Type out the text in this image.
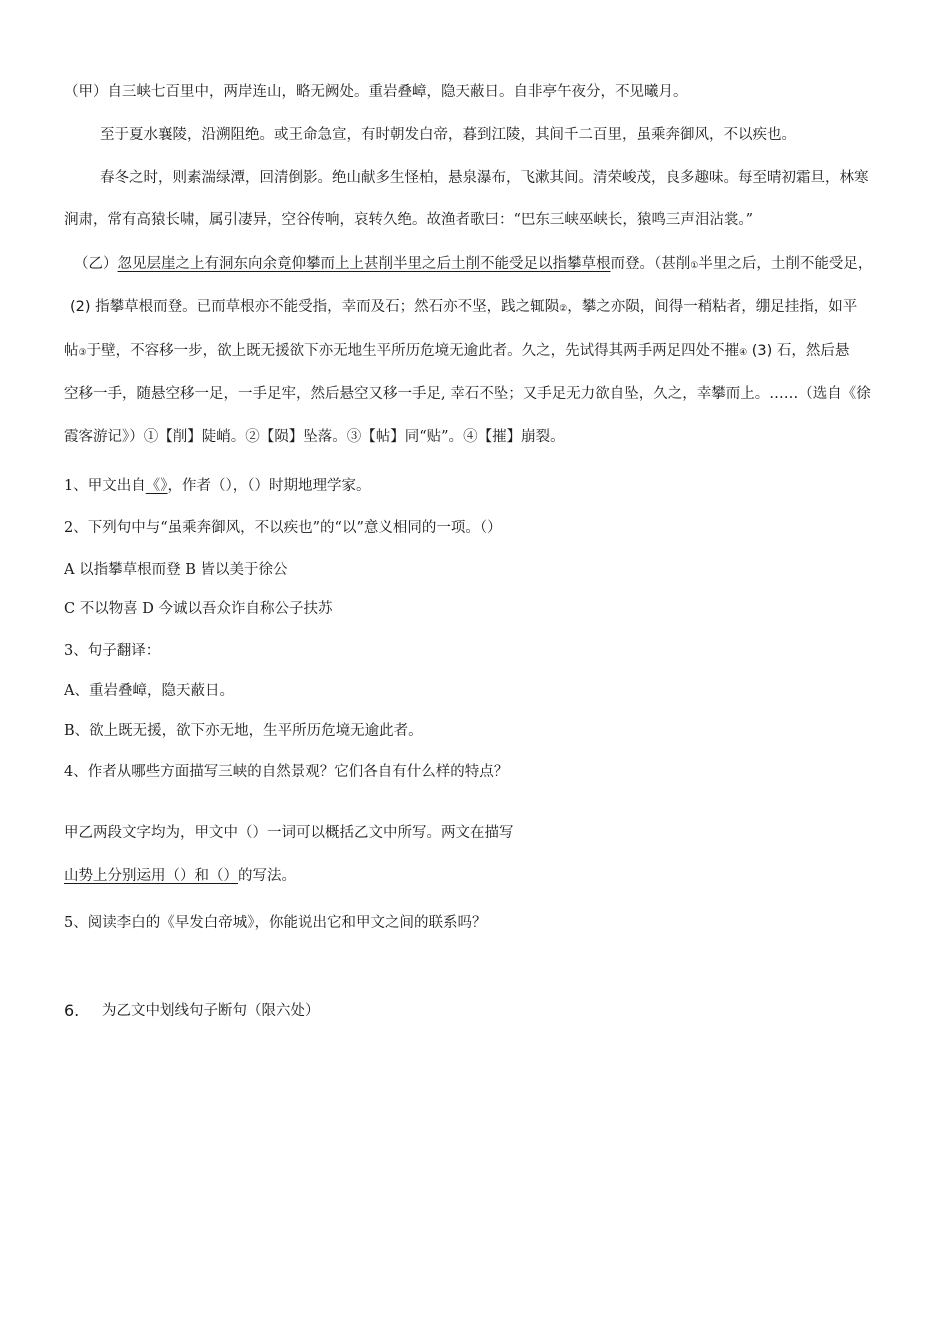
（甲）自三峡七百里中，两岸连山，略无阙处。重岩叠嶂，隐天蔽日。自非亭午夜分，不见曦月。
至于夏水襄陵，沿溯阻绝。或王命急宣，有时朝发白帝，暮到江陵，其间千二百里，虽乘奔御风，不以疾也。
春冬之时，则素湍绿潭，回清倒影。绝山献多生怪柏，悬泉瀑布，飞漱其间。清荣峻茂，良多趣味。每至晴初霜旦，林寒
涧肃，常有高猿长啸，属引凄异，空谷传响，哀转久绝。故渔者歌曰：“巴东三峡巫峡长，猿鸣三声泪沾裳。”
（乙）忽见层崖之上有洞东向余竟仰攀而上上甚削半里之后土削不能受足以指攀草根而登。（甚削①半里之后，土削不能受足，
(2) 指攀草根而登。已而草根亦不能受指，幸而及石；然石亦不坚，践之辄陨②，攀之亦陨，间得一稍粘者，绷足挂指，如平
帖③于壁，不容移一步，欲上既无援欲下亦无地生平所历危境无逾此者。久之，先试得其两手两足四处不摧④ (3) 石，然后悬
空移一手，随悬空移一足，一手足牢，然后悬空又移一手足, 幸石不坠；又手足无力欲自坠，久之，幸攀而上。……（选自《徐
霞客游记》）①【削】陡峭。②【陨】坠落。③【帖】同“贴”。④【摧】崩裂。
1、甲文出自《》，作者（），（）时期地理学家。
2、下列句中与“虽乘奔御风，不以疾也”的“以”意义相同的一项。（）
A 以指攀草根而登 B 皆以美于徐公
C 不以物喜 D 今诚以吾众诈自称公子扶苏
3、句子翻译：
A、重岩叠嶂，隐天蔽日。
B、欲上既无援，欲下亦无地，生平所历危境无逾此者。
4、作者从哪些方面描写三峡的自然景观？它们各自有什么样的特点？
甲乙两段文字均为，甲文中（）一词可以概括乙文中所写。两文在描写
山势上分别运用（）和（）的写法。
5、阅读李白的《早发白帝城》，你能说出它和甲文之间的联系吗？
6. 为乙文中划线句子断句（限六处）
